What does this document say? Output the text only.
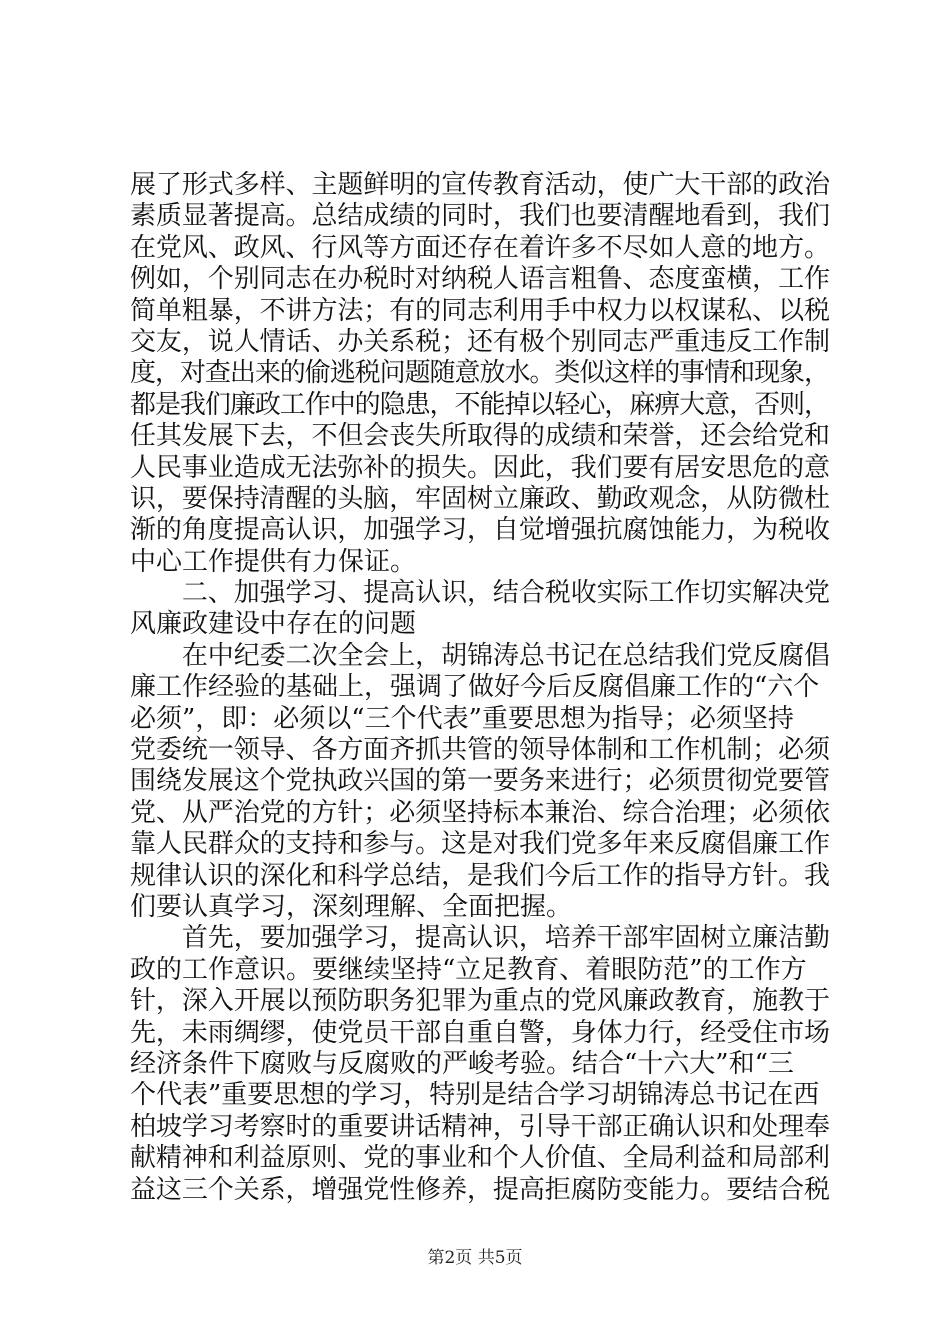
展了形式多样、主题鲜明的宣传教育活动，使广大干部的政治
素质显著提高。总结成绩的同时，我们也要清醒地看到，我们
在党风、政风、行风等方面还存在着许多不尽如人意的地方。
例如，个别同志在办税时对纳税人语言粗鲁、态度蛮横，工作
简单粗暴，不讲方法；有的同志利用手中权力以权谋私、以税
交友，说人情话、办关系税；还有极个别同志严重违反工作制
度，对查出来的偷逃税问题随意放水。类似这样的事情和现象，
都是我们廉政工作中的隐患，不能掉以轻心，麻痹大意，否则，
任其发展下去，不但会丧失所取得的成绩和荣誉，还会给党和
人民事业造成无法弥补的损失。因此，我们要有居安思危的意
识，要保持清醒的头脑，牢固树立廉政、勤政观念，从防微杜
渐的角度提高认识，加强学习，自觉增强抗腐蚀能力，为税收
中心工作提供有力保证。
　　二、加强学习、提高认识，结合税收实际工作切实解决党
风廉政建设中存在的问题
　　在中纪委二次全会上，胡锦涛总书记在总结我们党反腐倡
廉工作经验的基础上，强调了做好今后反腐倡廉工作的“六个
必须”，即：必须以“三个代表”重要思想为指导；必须坚持
党委统一领导、各方面齐抓共管的领导体制和工作机制；必须
围绕发展这个党执政兴国的第一要务来进行；必须贯彻党要管
党、从严治党的方针；必须坚持标本兼治、综合治理；必须依
靠人民群众的支持和参与。这是对我们党多年来反腐倡廉工作
规律认识的深化和科学总结，是我们今后工作的指导方针。我
们要认真学习，深刻理解、全面把握。
　　首先，要加强学习，提高认识，培养干部牢固树立廉洁勤
政的工作意识。要继续坚持“立足教育、着眼防范”的工作方
针，深入开展以预防职务犯罪为重点的党风廉政教育，施教于
先，未雨绸缪，使党员干部自重自警，身体力行，经受住市场
经济条件下腐败与反腐败的严峻考验。结合“十六大”和“三
个代表”重要思想的学习，特别是结合学习胡锦涛总书记在西
柏坡学习考察时的重要讲话精神，引导干部正确认识和处理奉
献精神和利益原则、党的事业和个人价值、全局利益和局部利
益这三个关系，增强党性修养，提高拒腐防变能力。要结合税
第2页 共5页
